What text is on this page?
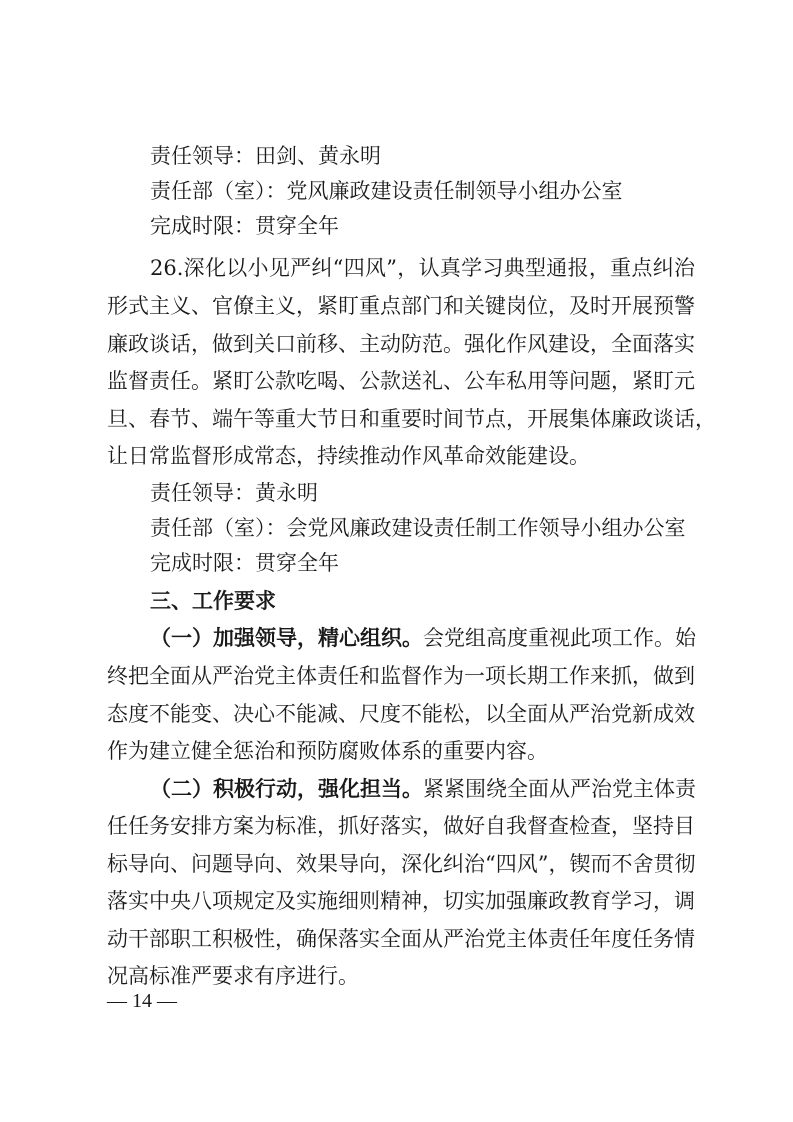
责任领导：田剑、黄永明
责任部（室）：党风廉政建设责任制领导小组办公室
完成时限：贯穿全年
26.深化以小见严纠“四风”，认真学习典型通报，重点纠治
形式主义、官僚主义，紧盯重点部门和关键岗位，及时开展预警
廉政谈话，做到关口前移、主动防范。强化作风建设，全面落实
监督责任。紧盯公款吃喝、公款送礼、公车私用等问题，紧盯元
旦、春节、端午等重大节日和重要时间节点，开展集体廉政谈话，
让日常监督形成常态，持续推动作风革命效能建设。
责任领导：黄永明
责任部（室）：会党风廉政建设责任制工作领导小组办公室
完成时限：贯穿全年
三、工作要求
（一）加强领导，精心组织。会党组高度重视此项工作。始
终把全面从严治党主体责任和监督作为一项长期工作来抓，做到
态度不能变、决心不能减、尺度不能松，以全面从严治党新成效
作为建立健全惩治和预防腐败体系的重要内容。
（二）积极行动，强化担当。紧紧围绕全面从严治党主体责
任任务安排方案为标准，抓好落实，做好自我督查检查，坚持目
标导向、问题导向、效果导向，深化纠治“四风”，锲而不舍贯彻
落实中央八项规定及实施细则精神，切实加强廉政教育学习，调
动干部职工积极性，确保落实全面从严治党主体责任年度任务情
况高标准严要求有序进行。
— 14 —
